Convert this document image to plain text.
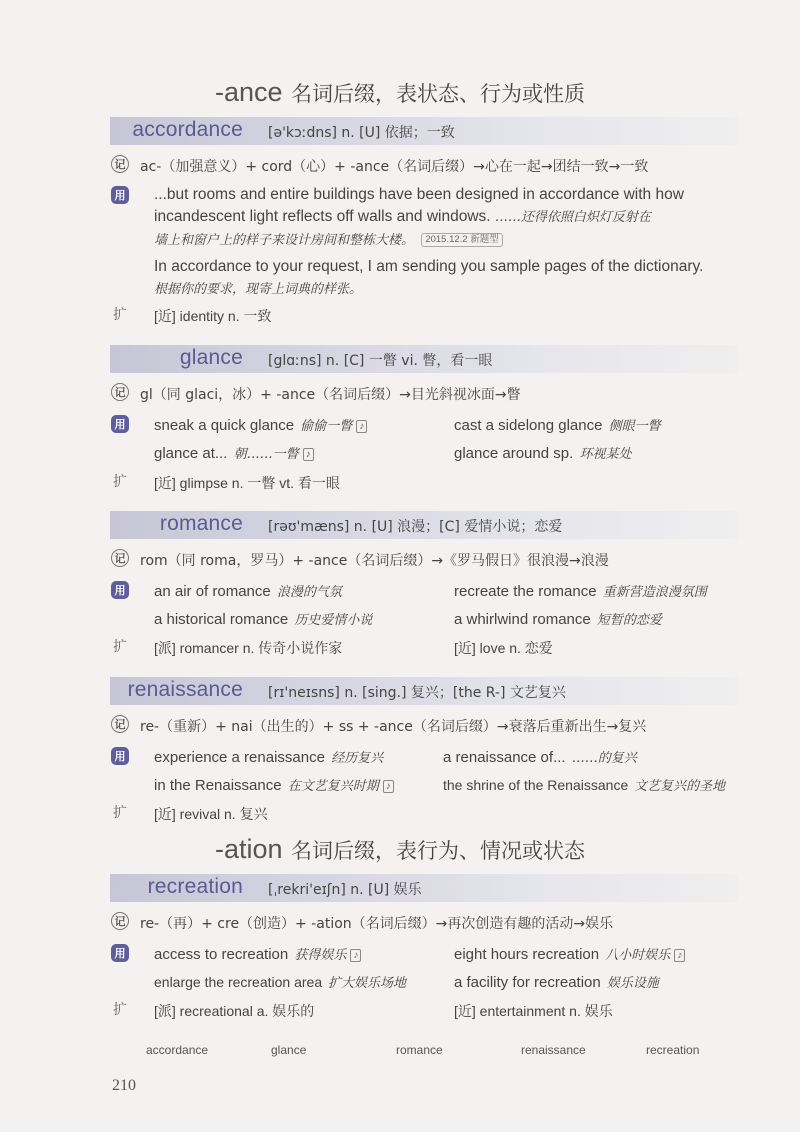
-ance 名词后缀，表状态、行为或性质
accordance [ə'kɔːdns] n. [U] 依据；一致
记 ac-（加强意义）+ cord（心）+ -ance（名词后缀）→心在一起→团结一致→一致
用 ...but rooms and entire buildings have been designed in accordance with how
incandescent light reflects off walls and windows. ……还得依照白炽灯反射在
墙上和窗户上的样子来设计房间和整栋大楼。 2015.12.2 新题型
In accordance to your request, I am sending you sample pages of the dictionary.
根据你的要求，现寄上词典的样张。
扩 [近] identity n. 一致
glance [glɑːns] n. [C] 一瞥 vi. 瞥，看一眼
记 gl（同 glaci，冰）+ -ance（名词后缀）→目光斜视冰面→瞥
用 sneak a quick glance 偷偷一瞥 ♪	cast a sidelong glance 侧眼一瞥
glance at... 朝……一瞥 ♪	glance around sp. 环视某处
扩 [近] glimpse n. 一瞥 vt. 看一眼
romance [rəʊ'mæns] n. [U] 浪漫；[C] 爱情小说；恋爱
记 rom（同 roma，罗马）+ -ance（名词后缀）→《罗马假日》很浪漫→浪漫
用 an air of romance 浪漫的气氛	recreate the romance 重新营造浪漫氛围
a historical romance 历史爱情小说	a whirlwind romance 短暂的恋爱
扩 [派] romancer n. 传奇小说作家	[近] love n. 恋爱
renaissance [rɪ'neɪsns] n. [sing.] 复兴；[the R-] 文艺复兴
记 re-（重新）+ nai（出生的）+ ss + -ance（名词后缀）→衰落后重新出生→复兴
用 experience a renaissance 经历复兴	a renaissance of... ……的复兴
in the Renaissance 在文艺复兴时期 ♪	the shrine of the Renaissance 文艺复兴的圣地
扩 [近] revival n. 复兴
-ation 名词后缀，表行为、情况或状态
recreation [ˌrekri'eɪʃn] n. [U] 娱乐
记 re-（再）+ cre（创造）+ -ation（名词后缀）→再次创造有趣的活动→娱乐
用 access to recreation 获得娱乐 ♪	eight hours recreation 八小时娱乐 ♪
enlarge the recreation area 扩大娱乐场地	a facility for recreation 娱乐设施
扩 [派] recreational a. 娱乐的	[近] entertainment n. 娱乐
accordance	glance	romance	renaissance	recreation
210
